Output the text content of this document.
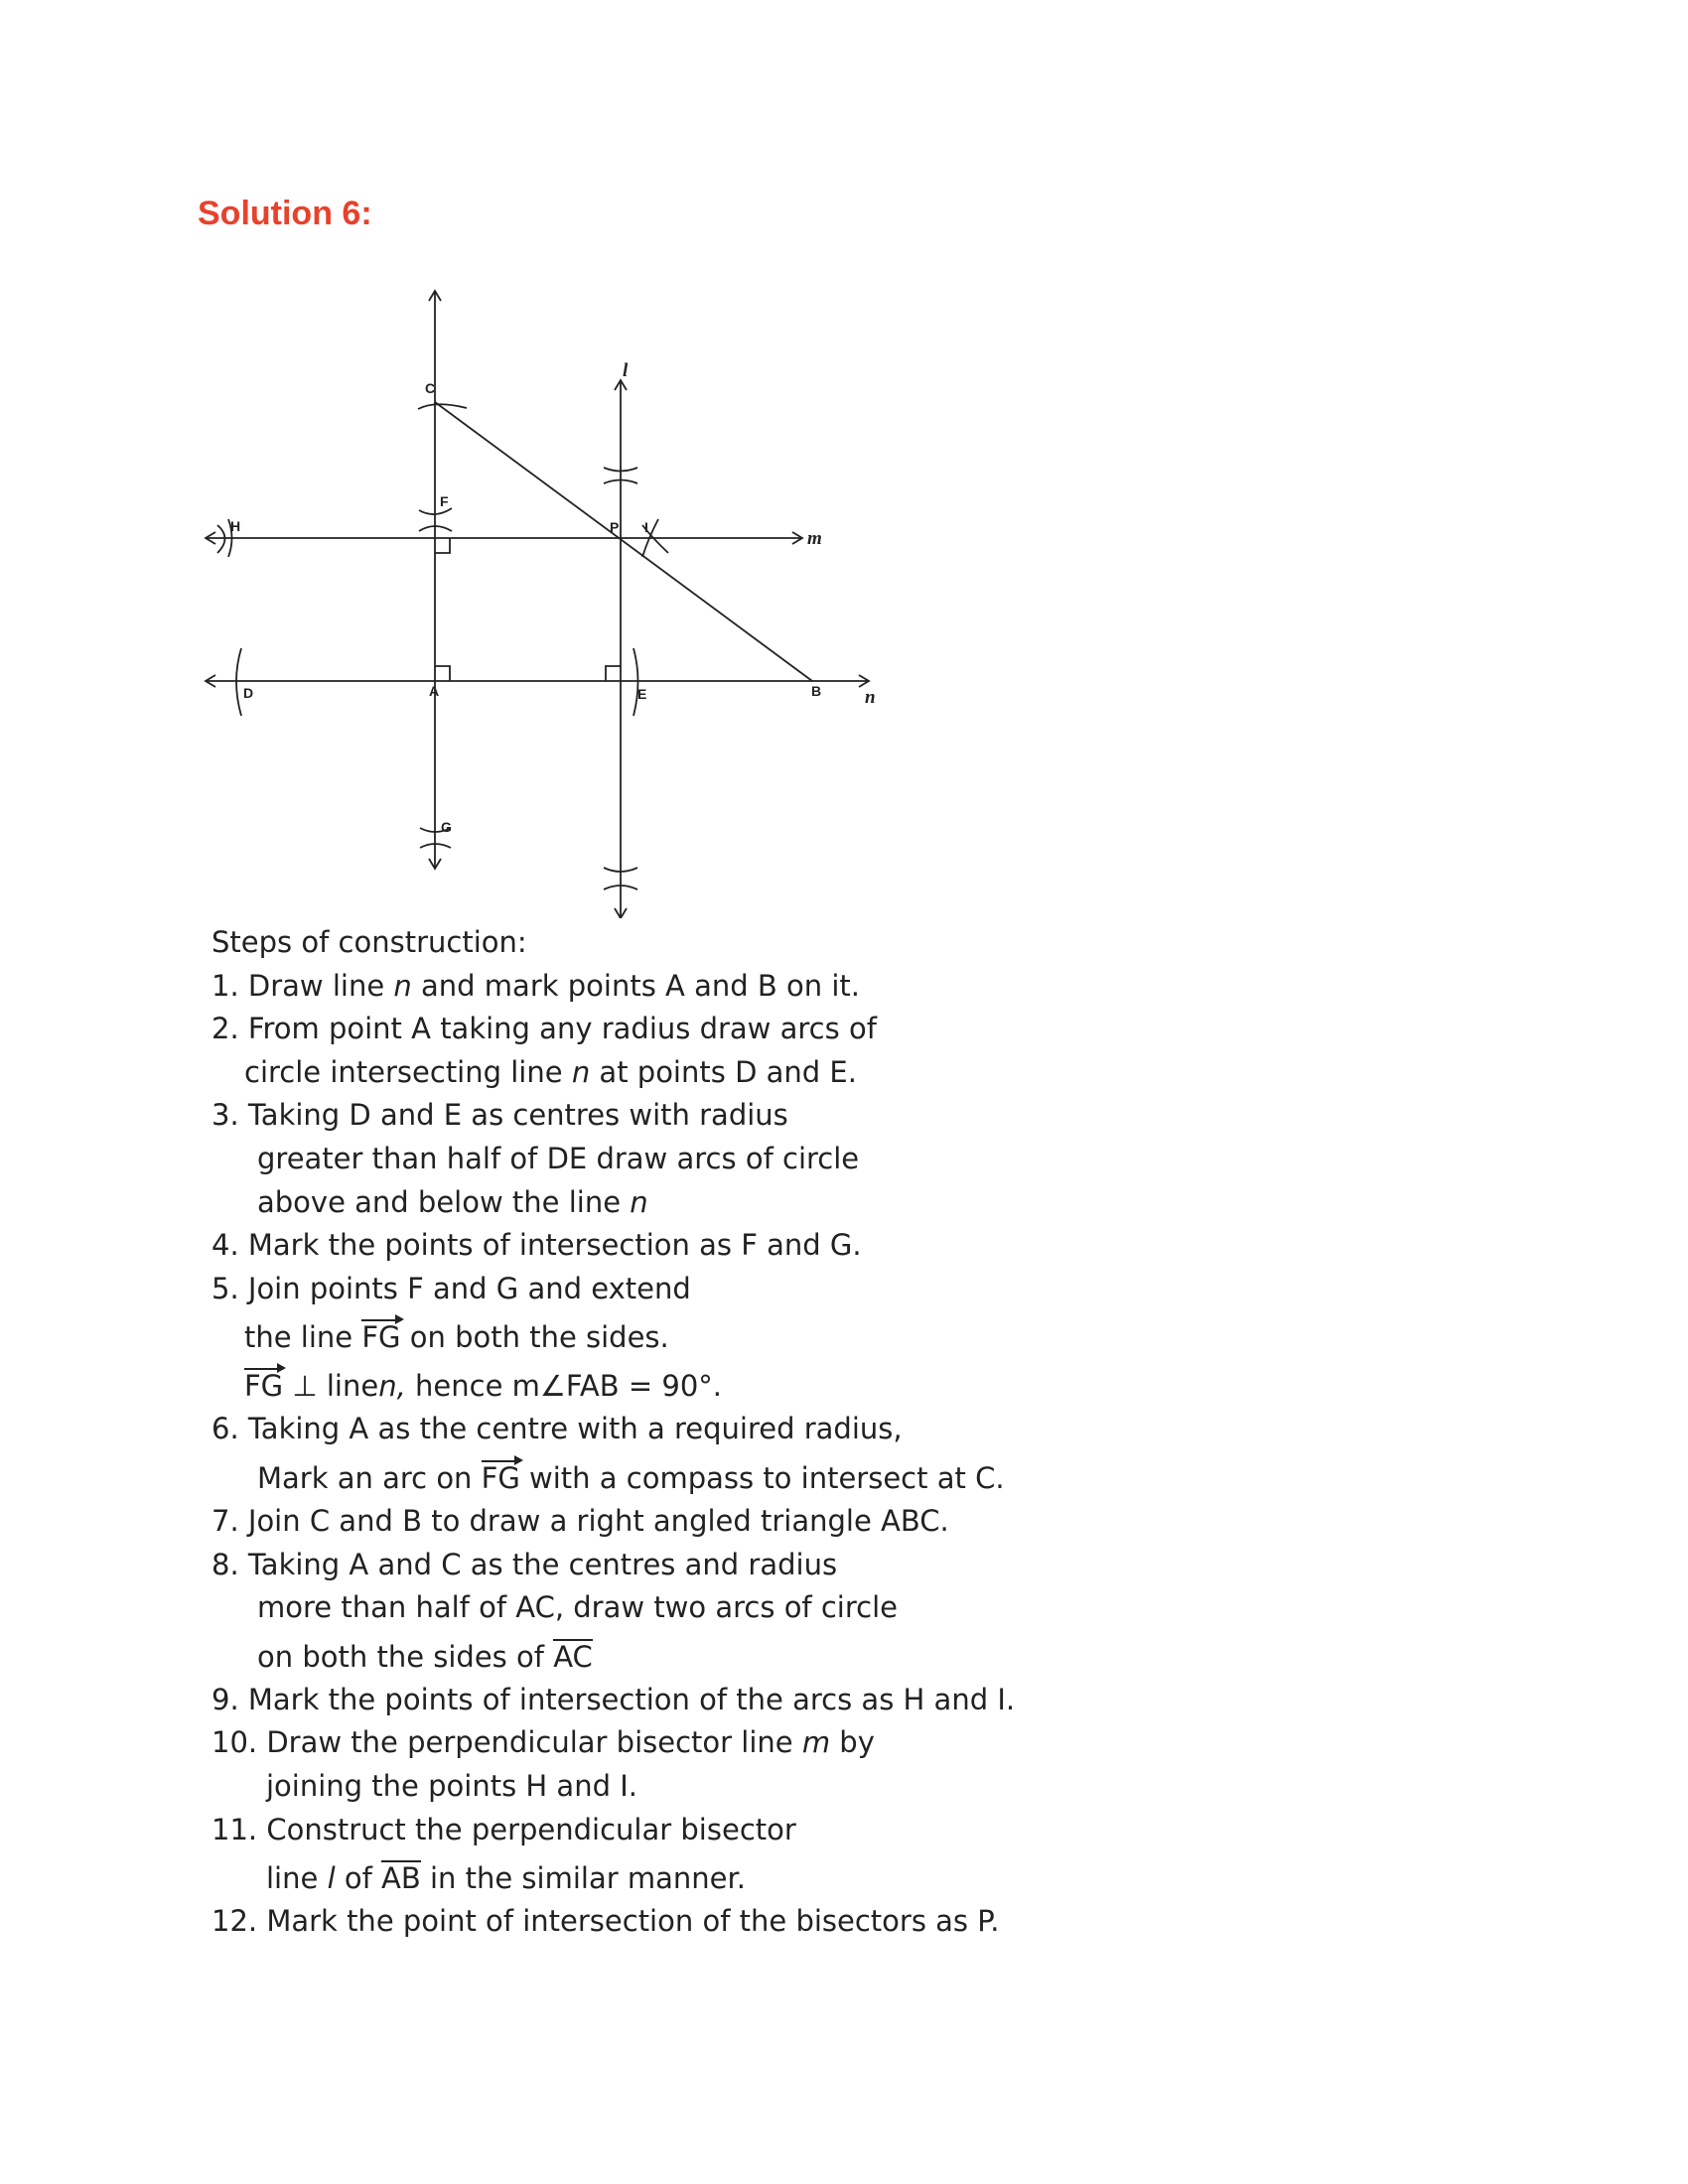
Solution 6:
C
F
H	P I
D	A	E	B
G
l
m
n
Steps of construction:
1. Draw line n and mark points A and B on it.
2. From point A taking any radius draw arcs of
circle intersecting line n at points D and E.
3. Taking D and E as centres with radius
greater than half of DE draw arcs of circle
above and below the line n
4. Mark the points of intersection as F and G.
5. Join points F and G and extend
the line FG on both the sides.
FG ⊥ linen, hence m∠FAB = 90°.
6. Taking A as the centre with a required radius,
Mark an arc on FG with a compass to intersect at C.
7. Join C and B to draw a right angled triangle ABC.
8. Taking A and C as the centres and radius
more than half of AC, draw two arcs of circle
on both the sides of AC
9. Mark the points of intersection of the arcs as H and I.
10. Draw the perpendicular bisector line m by
joining the points H and I.
11. Construct the perpendicular bisector
line l of AB in the similar manner.
12. Mark the point of intersection of the bisectors as P.
